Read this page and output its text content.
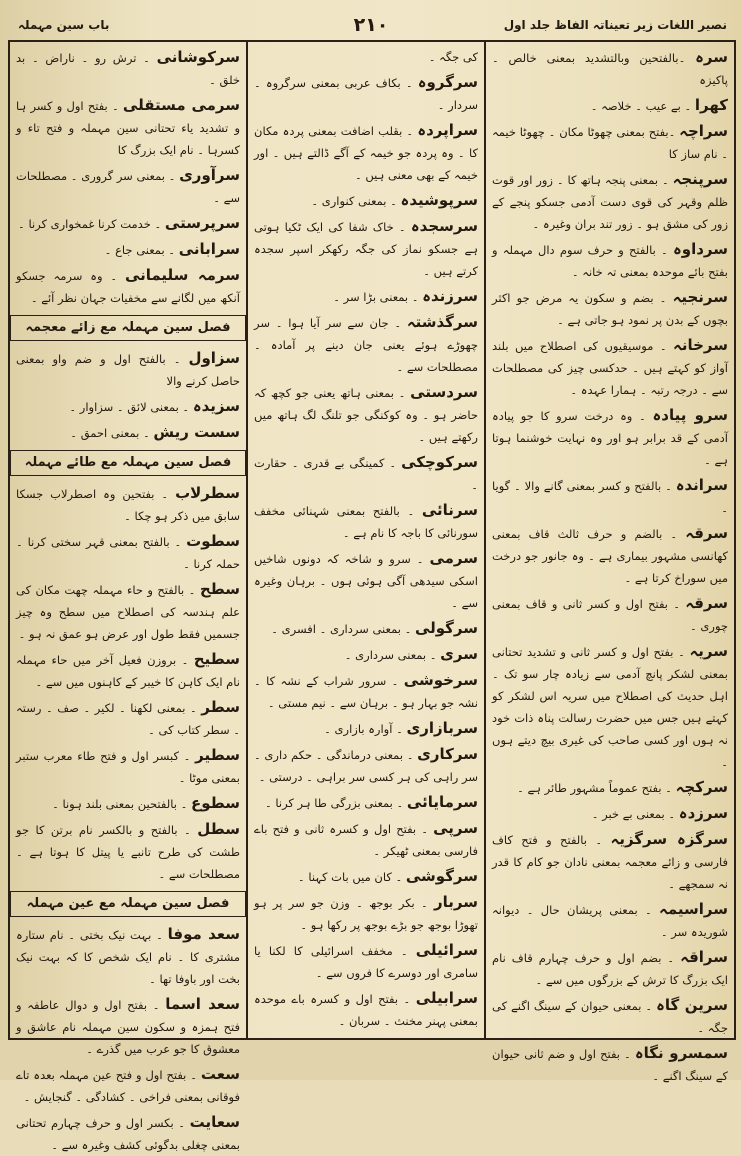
نصیر اللغات زیر تعیناتہ الفاظ جلد اول
۲۱۰
باب سین مہملہ

سرہ ۔بالفتحین وبالتشدید بمعنی خالص ۔ پاکیزہ

کھرا ۔ بے عیب ۔ خلاصہ ۔

سراچہ ۔بفتح بمعنی چھوٹا مکان ۔ چھوٹا خیمہ ۔ نام ساز کا

سرپنجہ ۔ بمعنی پنجہ ہاتھ کا ۔ زور اور قوت ظلم وقہر کی قوی دست آدمی جسکو پنجے کے زور کی مشق ہو ۔ زور تند بران وغیرہ ۔

سرداوہ ۔ بالفتح و حرف سوم دال مہملہ و بفتح بائے موحدہ بمعنی تہ خانہ ۔

سرنجیہ ۔ بضم و سکون یہ مرض جو اکثر بچوں کے بدن پر نمود ہو جاتی ہے ۔

سرخانہ ۔ موسیقیوں کی اصطلاح میں بلند آواز کو کہتے ہیں ۔ حدکسی چیز کی مصطلحات سے ۔ درجہ رتبہ ۔ ہمارا عہدہ ۔

سرو پیادہ ۔ وہ درخت سرو کا جو پیادہ آدمی کے قد برابر ہو اور وہ نہایت خوشنما ہوتا ہے ۔

سراندہ ۔ بالفتح و کسر بمعنی گانے والا ۔ گویا ۔

سرقہ ۔ بالضم و حرف ثالث قاف بمعنی کھانسی مشہور بیماری ہے ۔ وہ جانور جو درخت میں سوراخ کرتا ہے ۔

سرقہ ۔ بفتح اول و کسر ثانی و قاف بمعنی چوری ۔

سریہ ۔ بفتح اول و کسر ثانی و تشدید تحتانی بمعنی لشکر پانچ آدمی سے زیادہ چار سو تک ۔ اہل حدیث کی اصطلاح میں سریہ اس لشکر کو کہتے ہیں جس میں حضرت رسالت پناہ ذات خود نہ ہوں اور کسی صاحب کی غیری بیچ دیتے ہوں ۔

سرکچہ ۔ بفتح عموماً مشہور طائر ہے ۔

سرزدہ ۔ بمعنی بے خبر ۔

سرگزہ سرگزیہ ۔ بالفتح و فتح کاف فارسی و زائے معجمہ بمعنی نادان جو کام کا قدر نہ سمجھے ۔

سراسیمہ ۔ بمعنی پریشان حال ۔ دیوانہ شوریدہ سر ۔

سراقہ ۔ بضم اول و حرف چہارم قاف نام ایک بزرگ کا ترش کے بزرگوں میں سے ۔

سرین گاہ ۔ بمعنی حیوان کے سینگ اگنے کی جگہ ۔

سمسرو نگاہ ۔ بفتح اول و ضم ثانی حیوان کے سینگ اگنے ۔

کی جگہ ۔

سرگروہ ۔ بکاف عربی بمعنی سرگروہ ۔ سردار ۔

سراپردہ ۔ بقلب اضافت بمعنی پردہ مکان کا ۔ وہ پردہ جو خیمہ کے آگے ڈالتے ہیں ۔ اور خیمہ کے بھی معنی ہیں ۔

سرپوشیدہ ۔ بمعنی کنواری ۔

سرسجدہ ۔ خاک شفا کی ایک ٹکیا ہوتی ہے جسکو نماز کی جگہ رکھکر اسپر سجدہ کرتے ہیں ۔

سرزندہ ۔ بمعنی بڑا سر ۔

سرگذشتہ ۔ جان سے سر آیا ہوا ۔ سر چھوڑے ہوئے یعنی جان دینے پر آمادہ ۔ مصطلحات سے ۔

سردستی ۔ بمعنی ہاتھ یعنی جو کچھ کہ حاضر ہو ۔ وہ کوکنگی جو تلنگ لگ ہاتھ میں رکھتے ہیں ۔

سرکوچکی ۔ کمینگی بے قدری ۔ حقارت ۔

سرنائی ۔ بالفتح بمعنی شہنائی مخفف سورنائی کا باجہ کا نام ہے ۔

سرمی ۔ سرو و شاخہ کہ دونوں شاخیں اسکی سیدھی آگی ہوئی ہوں ۔ برہان وغیرہ سے ۔

سرگولی ۔ بمعنی سرداری ۔ افسری ۔

سری ۔ بمعنی سرداری ۔

سرخوشی ۔ سرور شراب کے نشہ کا ۔ نشہ جو بہار ہو ۔ برہان سے ۔ نیم مستی ۔

سربازاری ۔ آوارہ بازاری ۔

سرکاری ۔ بمعنی درماندگی ۔ حکم داری ۔ سر راہی کی ہر کسی سر براہی ۔ درستی ۔

سرمایائی ۔ بمعنی بزرگی طا ہر کرنا ۔

سرپی ۔ بفتح اول و کسرہ ثانی و فتح باے فارسی بمعنی ٹھیکر ۔

سرگوشی ۔ کان میں بات کہنا ۔

سربار ۔ بکر بوجھ ۔ وزن جو سر پر ہو تھوڑا بوجھ جو بڑے بوجھ پر رکھا ہو ۔

سرائیلی ۔ مخفف اسرائیلی کا لکنا یا سامری اور دوسرے کا فروں سے ۔

سرابیلی ۔ بفتح اول و کسرہ باے موحدہ بمعنی پہنر مخنث ۔ سربان ۔

سرکوشانی ۔ ترش رو ۔ ناراض ۔ بد خلق ۔

سرمی مستقلی ۔ بفتح اول و کسر ہا و تشدید یاء تحتانی سین مہملہ و فتح تاء و کسرہا ۔ نام ایک بزرگ کا

سرآوری ۔ بمعنی سر گروری ۔ مصطلحات سے ۔

سرپرستی ۔ خدمت کرنا غمخواری کرنا ۔

سرابانی ۔ بمعنی جاع ۔

سرمہ سلیمانی ۔ وہ سرمہ جسکو آنکھ میں لگانے سے مخفیات جہان نظر آئے ۔

فصل سین مہملہ مع زائے معجمہ

سزاول ۔ بالفتح اول و ضم واو بمعنی حاصل کرنے والا

سزیدہ ۔ بمعنی لائق ۔ سزاوار ۔

سست ریش ۔ بمعنی احمق ۔

فصل سین مہملہ مع طائے مہملہ

سطرلاب ۔ بفتحین وہ اصطرلاب جسکا سابق میں ذکر ہو چکا ۔

سطوت ۔ بالفتح بمعنی قہر سختی کرنا ۔ حملہ کرنا ۔

سطح ۔ بالفتح و حاء مہملہ چھت مکان کی علم ہندسہ کی اصطلاح میں سطح وہ چیز جسمیں فقط طول اور عرض ہو عمق نہ ہو ۔

سطیح ۔ بروزن فعیل آخر میں حاء مہملہ نام ایک کاہن کا خیبر کے کاہنوں میں سے ۔

سطر ۔ بمعنی لکھنا ۔ لکیر ۔ صف ۔ رستہ ۔ سطر کتاب کی ۔

سطیر ۔ کبسر اول و فتح طاء معرب ستبر بمعنی موٹا ۔

سطوع ۔ بالفتحین بمعنی بلند ہونا ۔

سطل ۔ بالفتح و بالکسر نام برتن کا جو طشت کی طرح تانبے یا پیتل کا ہوتا ہے ۔ مصطلحات سے ۔

فصل سین مہملہ مع عین مہملہ

سعد موفا ۔ بہت نیک بختی ۔ نام ستارہ مشتری کا ۔ نام ایک شخص کا کہ بہت نیک بخت اور باوفا تھا ۔

سعد اسما ۔ بفتح اول و دوال عاطفہ و فتح ہمزہ و سکون سین مہملہ نام عاشق و معشوق کا جو عرب میں گذرے ۔

سعت ۔ بفتح اول و فتح عین مہملہ بعدہ تاے فوقانی بمعنی فراخی ۔ کشادگی ۔ گنجایش ۔

سعایت ۔ بکسر اول و حرف چہارم تحتانی بمعنی چغلی بدگوئی کشف وغیرہ سے ۔
